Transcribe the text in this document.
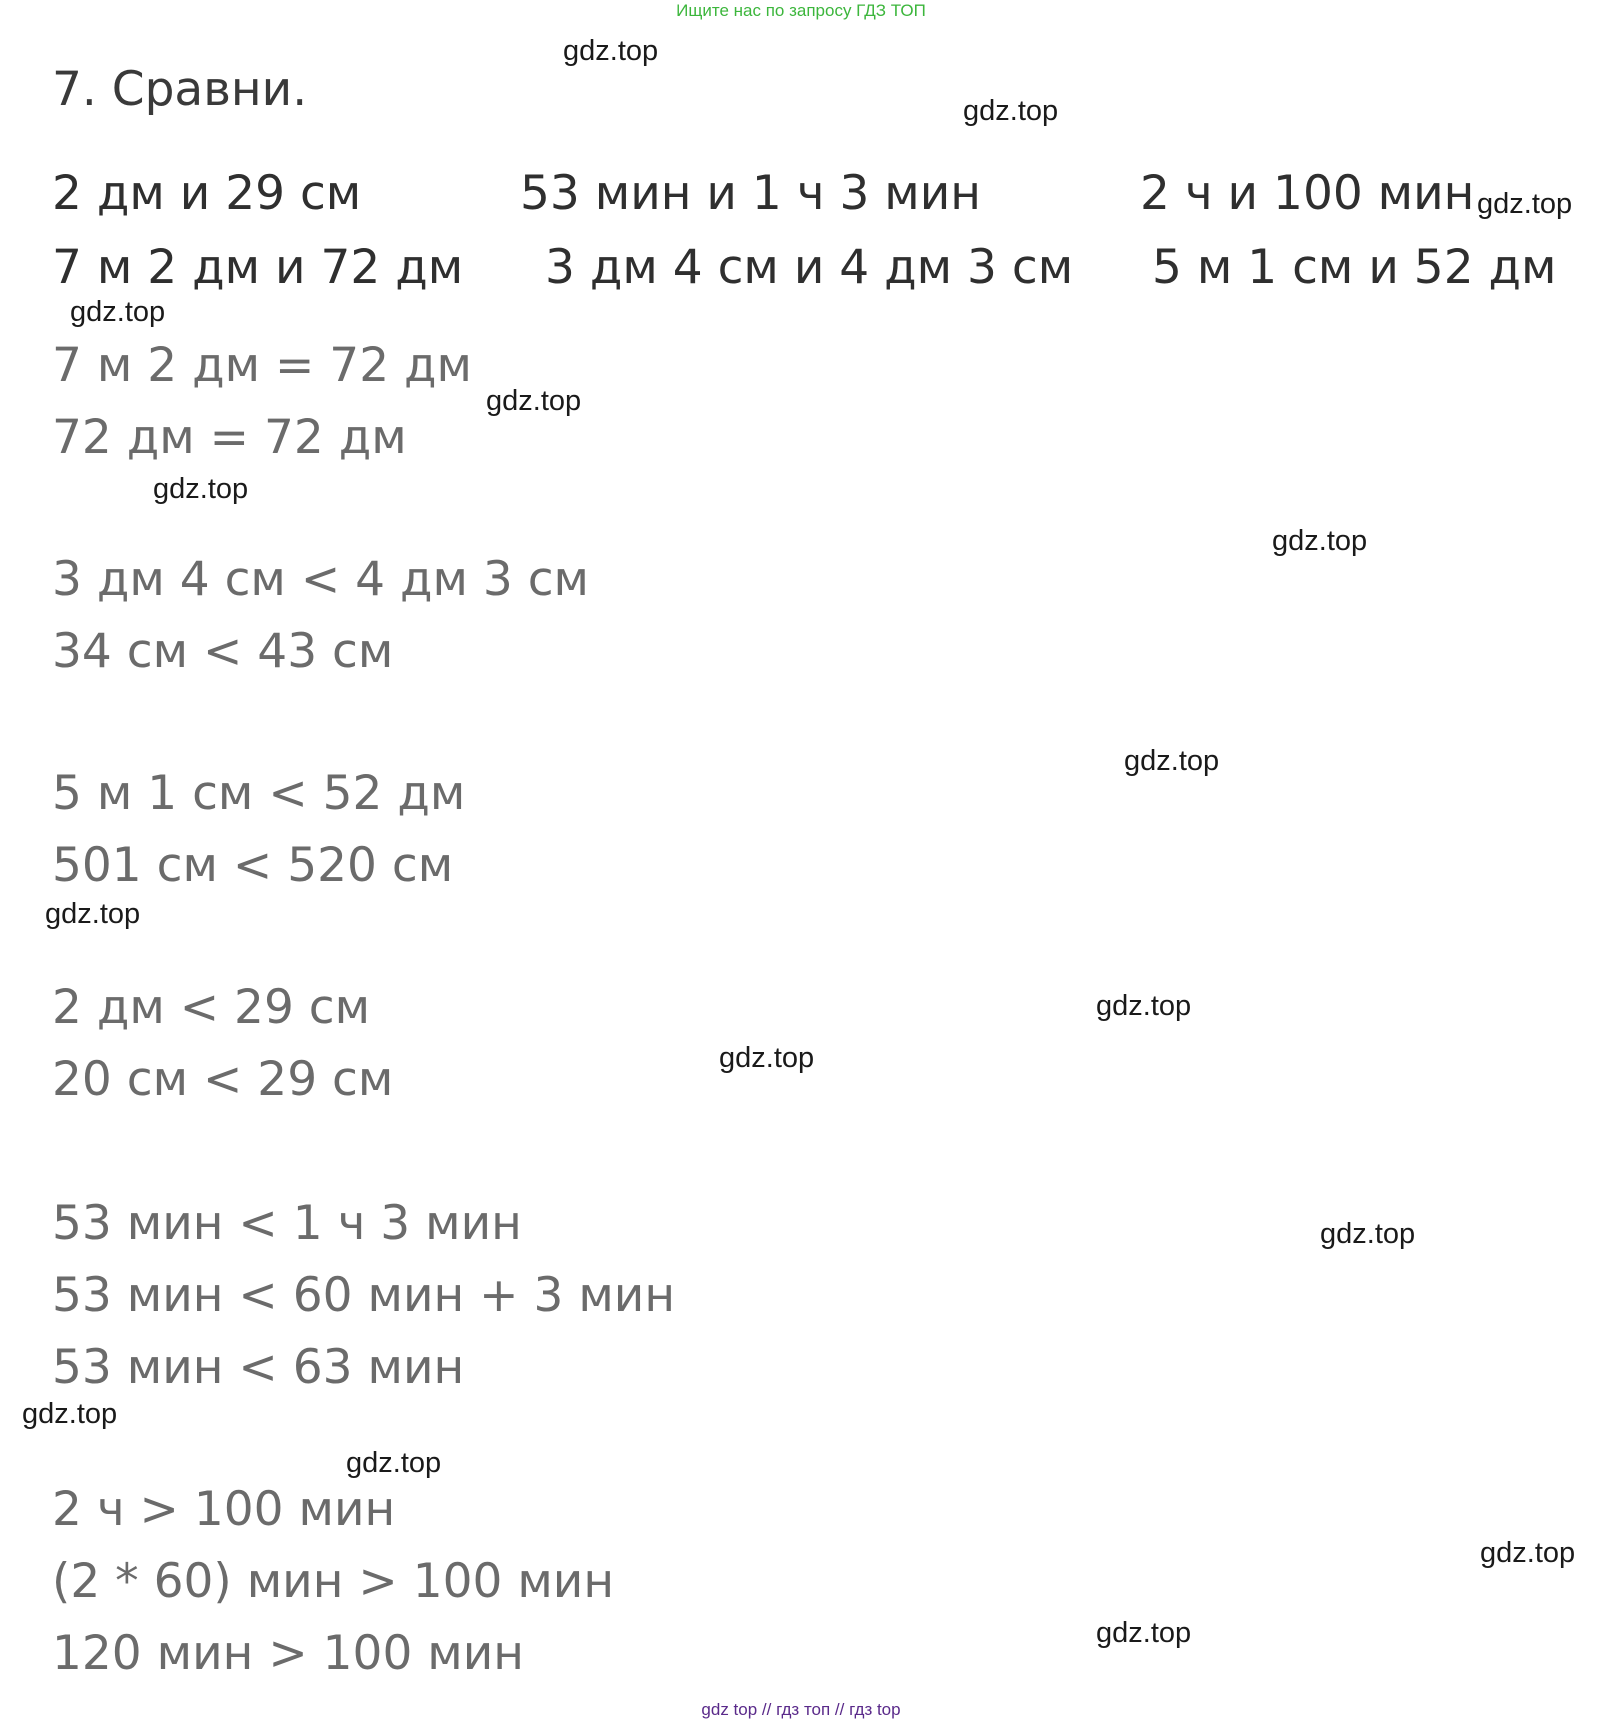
Ищите нас по запросу ГДЗ ТОП
7. Сравни.
2 дм и 29 см	53 мин и 1 ч 3 мин	2 ч и 100 мин
7 м 2 дм и 72 дм 3 дм 4 см и 4 дм 3 см 5 м 1 см и 52 дм
7 м 2 дм = 72 дм
72 дм = 72 дм
3 дм 4 см < 4 дм 3 см
34 см < 43 см
5 м 1 см < 52 дм
501 см < 520 см
2 дм < 29 см
20 см < 29 см
53 мин < 1 ч 3 мин
53 мин < 60 мин + 3 мин
53 мин < 63 мин
2 ч > 100 мин
(2 * 60) мин > 100 мин
120 мин > 100 мин
gdz.top
gdz.top
gdz.top
gdz.top
gdz.top
gdz.top
gdz.top
gdz.top
gdz.top
gdz.top
gdz.top
gdz.top
gdz.top
gdz.top
gdz.top
gdz.top
gdz top // гдз топ // гдз top
